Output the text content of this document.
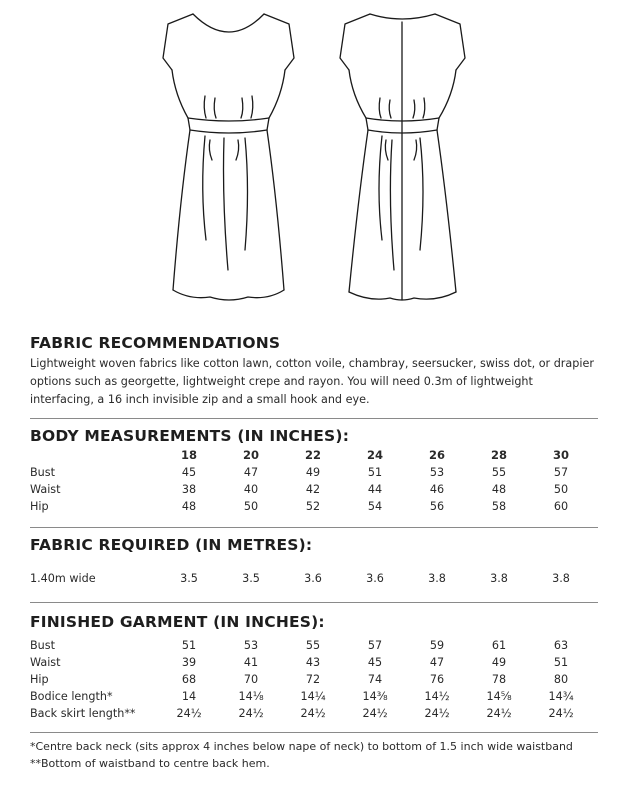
FABRIC RECOMMENDATIONS

Lightweight woven fabrics like cotton lawn, cotton voile, chambray, seersucker, swiss dot, or drapier options such as georgette, lightweight crepe and rayon. You will need 0.3m of lightweight interfacing, a 16 inch invisible zip and a small hook and eye.

BODY MEASUREMENTS (IN INCHES):
	18	20	22	24	26	28	30
Bust	45	47	49	51	53	55	57
Waist	38	40	42	44	46	48	50
Hip	48	50	52	54	56	58	60
FABRIC REQUIRED (IN METRES):
1.40m wide	3.5	3.5	3.6	3.6	3.8	3.8	3.8
FINISHED GARMENT (IN INCHES):
Bust	51	53	55	57	59	61	63
Waist	39	41	43	45	47	49	51
Hip	68	70	72	74	76	78	80
Bodice length*	14	14⅛	14¼	14⅜	14½	14⅝	14¾
Back skirt length**	24½	24½	24½	24½	24½	24½	24½
*Centre back neck (sits approx 4 inches below nape of neck) to bottom of 1.5 inch wide waistband
**Bottom of waistband to centre back hem.
